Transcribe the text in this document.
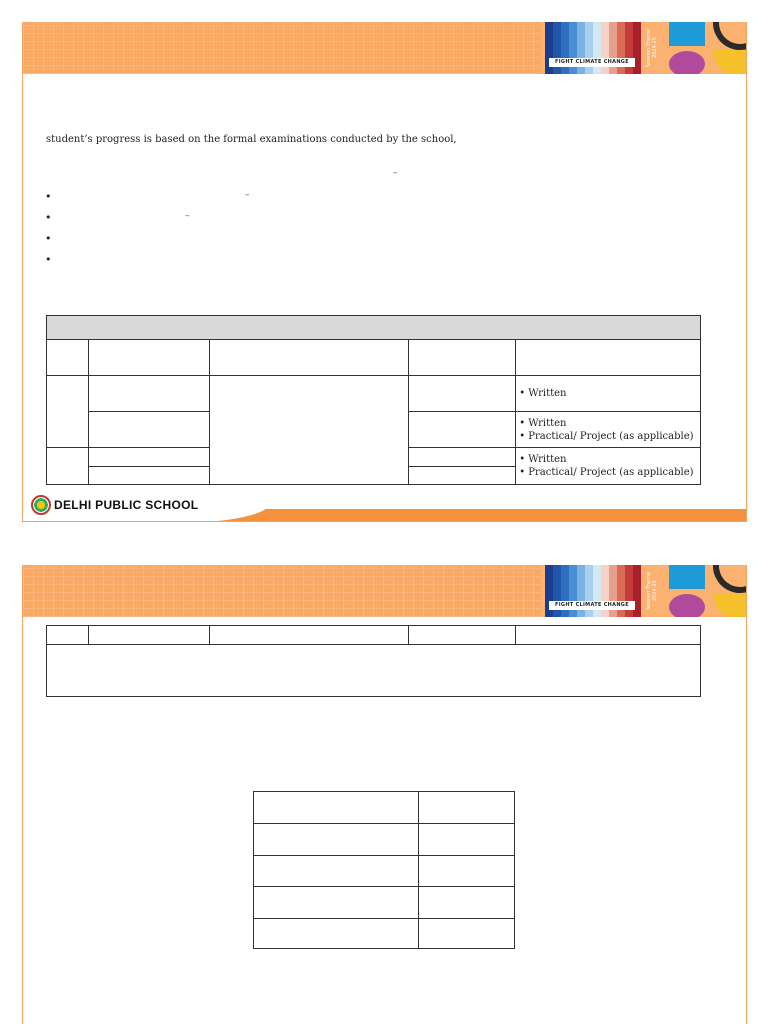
FIGHT CLIMATE CHANGE	Session Theme 2024-25
student’s progress is based on the formal examinations conducted by the school,
–
–
–
•
•
•
•

				• Written

				• Written
• Practical/ Project (as applicable)

				• Written
• Practical/ Project (as applicable)

DELHI PUBLIC SCHOOL
FIGHT CLIMATE CHANGE	Session Theme 2024-25
